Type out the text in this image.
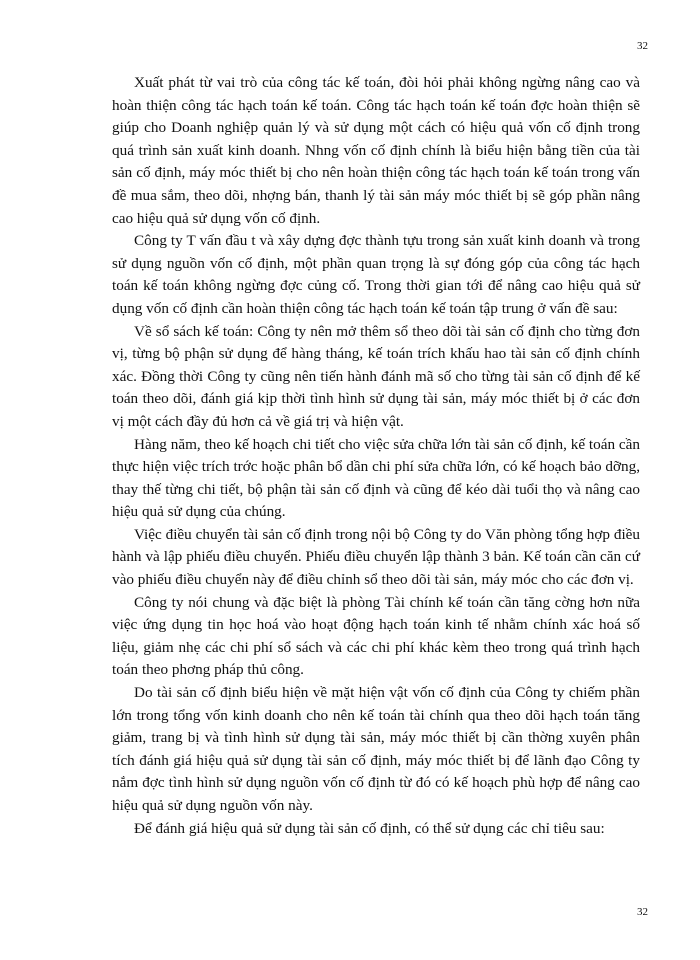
32

Xuất phát từ vai trò của công tác kế toán, đòi hỏi phải không ngừng nâng cao và hoàn thiện công tác hạch toán kế toán. Công tác hạch toán kế toán đợc hoàn thiện sẽ giúp cho Doanh nghiệp quản lý và sử dụng một cách có hiệu quả vốn cố định trong quá trình sản xuất kinh doanh. Nhng vốn cố định chính là biểu hiện bằng tiền của tài sản cố định, máy móc thiết bị cho nên hoàn thiện công tác hạch toán kế toán trong vấn đề mua sắm, theo dõi, nhợng bán, thanh lý tài sản máy móc thiết bị sẽ góp phần nâng cao hiệu quả sử dụng vốn cố định.

Công ty T vấn đầu t và xây dựng đợc thành tựu trong sản xuất kinh doanh và trong sử dụng nguồn vốn cố định, một phần quan trọng là sự đóng góp của công tác hạch toán kế toán không ngừng đợc củng cố. Trong thời gian tới để nâng cao hiệu quả sử dụng vốn cố định cần hoàn thiện công tác hạch toán kế toán tập trung ở vấn đề sau:

Về sổ sách kế toán: Công ty nên mở thêm sổ theo dõi tài sản cố định cho từng đơn vị, từng bộ phận sử dụng để hàng tháng, kế toán trích khấu hao tài sản cố định chính xác. Đồng thời Công ty cũng nên tiến hành đánh mã số cho từng tài sản cố định để kế toán theo dõi, đánh giá kịp thời tình hình sử dụng tài sản, máy móc thiết bị ở các đơn vị một cách đầy đủ hơn cả về giá trị và hiện vật.

Hàng năm, theo kế hoạch chi tiết cho việc sửa chữa lớn tài sản cố định, kế toán cần thực hiện việc trích trớc hoặc phân bổ dần chi phí sửa chữa lớn, có kế hoạch bảo dỡng, thay thế từng chi tiết, bộ phận tài sản cố định và cũng để kéo dài tuổi thọ và nâng cao hiệu quả sử dụng của chúng.

Việc điều chuyển tài sản cố định trong nội bộ Công ty do Văn phòng tổng hợp điều hành và lập phiếu điều chuyển. Phiếu điều chuyển lập thành 3 bản. Kế toán cần căn cứ vào phiếu điều chuyển này để điều chỉnh sổ theo dõi tài sản, máy móc cho các đơn vị.

Công ty nói chung và đặc biệt là phòng Tài chính kế toán cần tăng cờng hơn nữa việc ứng dụng tin học hoá vào hoạt động hạch toán kinh tế nhằm chính xác hoá số liệu, giảm nhẹ các chi phí sổ sách và các chi phí khác kèm theo trong quá trình hạch toán theo phơng pháp thủ công.

Do tài sản cố định biểu hiện về mặt hiện vật vốn cố định của Công ty chiếm phần lớn trong tổng vốn kinh doanh cho nên kế toán tài chính qua theo dõi hạch toán tăng giảm, trang bị và tình hình sử dụng tài sản, máy móc thiết bị cần thờng xuyên phân tích đánh giá hiệu quả sử dụng tài sản cố định, máy móc thiết bị để lãnh đạo Công ty nắm đợc tình hình sử dụng nguồn vốn cố định từ đó có kế hoạch phù hợp để nâng cao hiệu quả sử dụng nguồn vốn này.

Để đánh giá hiệu quả sử dụng tài sản cố định, có thể sử dụng các chỉ tiêu sau:

32
